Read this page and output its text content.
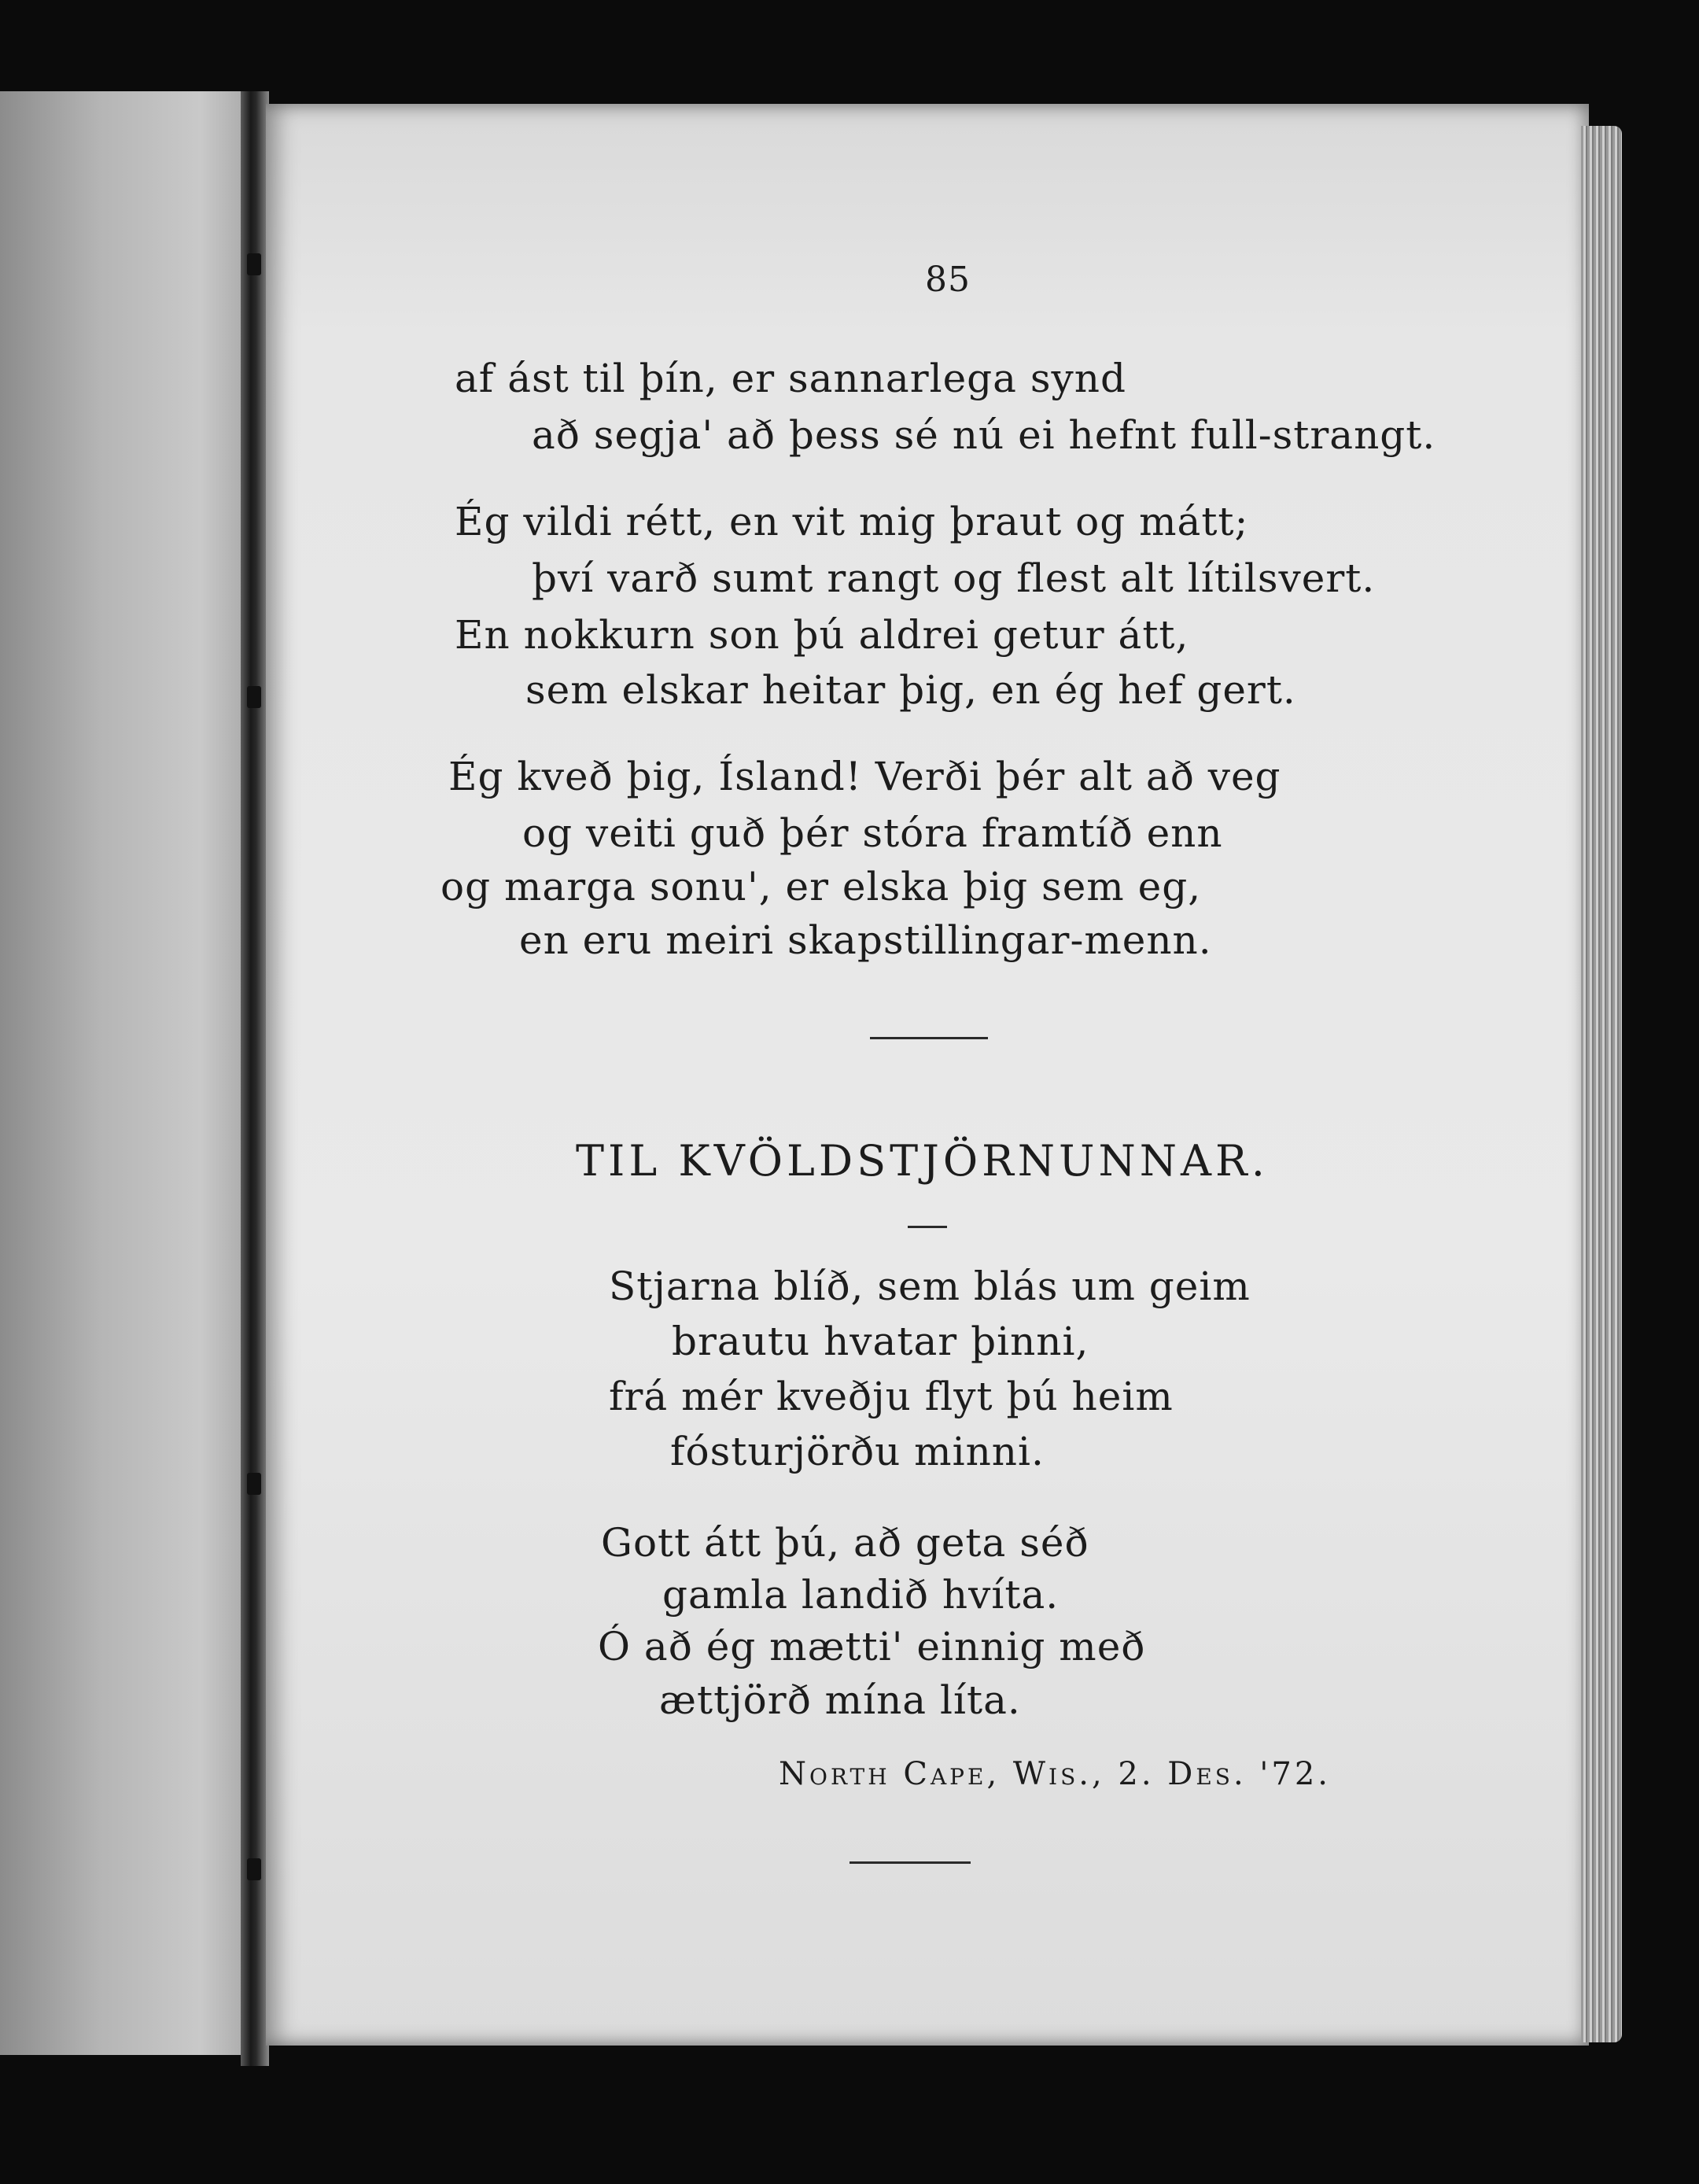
85
af ást til þín, er sannarlega synd
að segja' að þess sé nú ei hefnt full-strangt.
Ég vildi rétt, en vit mig þraut og mátt;
því varð sumt rangt og flest alt lítilsvert.
En nokkurn son þú aldrei getur átt,
sem elskar heitar þig, en ég hef gert.
Ég kveð þig, Ísland! Verði þér alt að veg
og veiti guð þér stóra framtíð enn
og marga sonu', er elska þig sem eg,
en eru meiri skapstillingar-menn.
TIL KVÖLDSTJÖRNUNNAR.
Stjarna blíð, sem blás um geim
brautu hvatar þinni,
frá mér kveðju flyt þú heim
fósturjörðu minni.
Gott átt þú, að geta séð
gamla landið hvíta.
Ó að ég mætti' einnig með
ættjörð mína líta.
North Cape, Wis., 2. Des. '72.
